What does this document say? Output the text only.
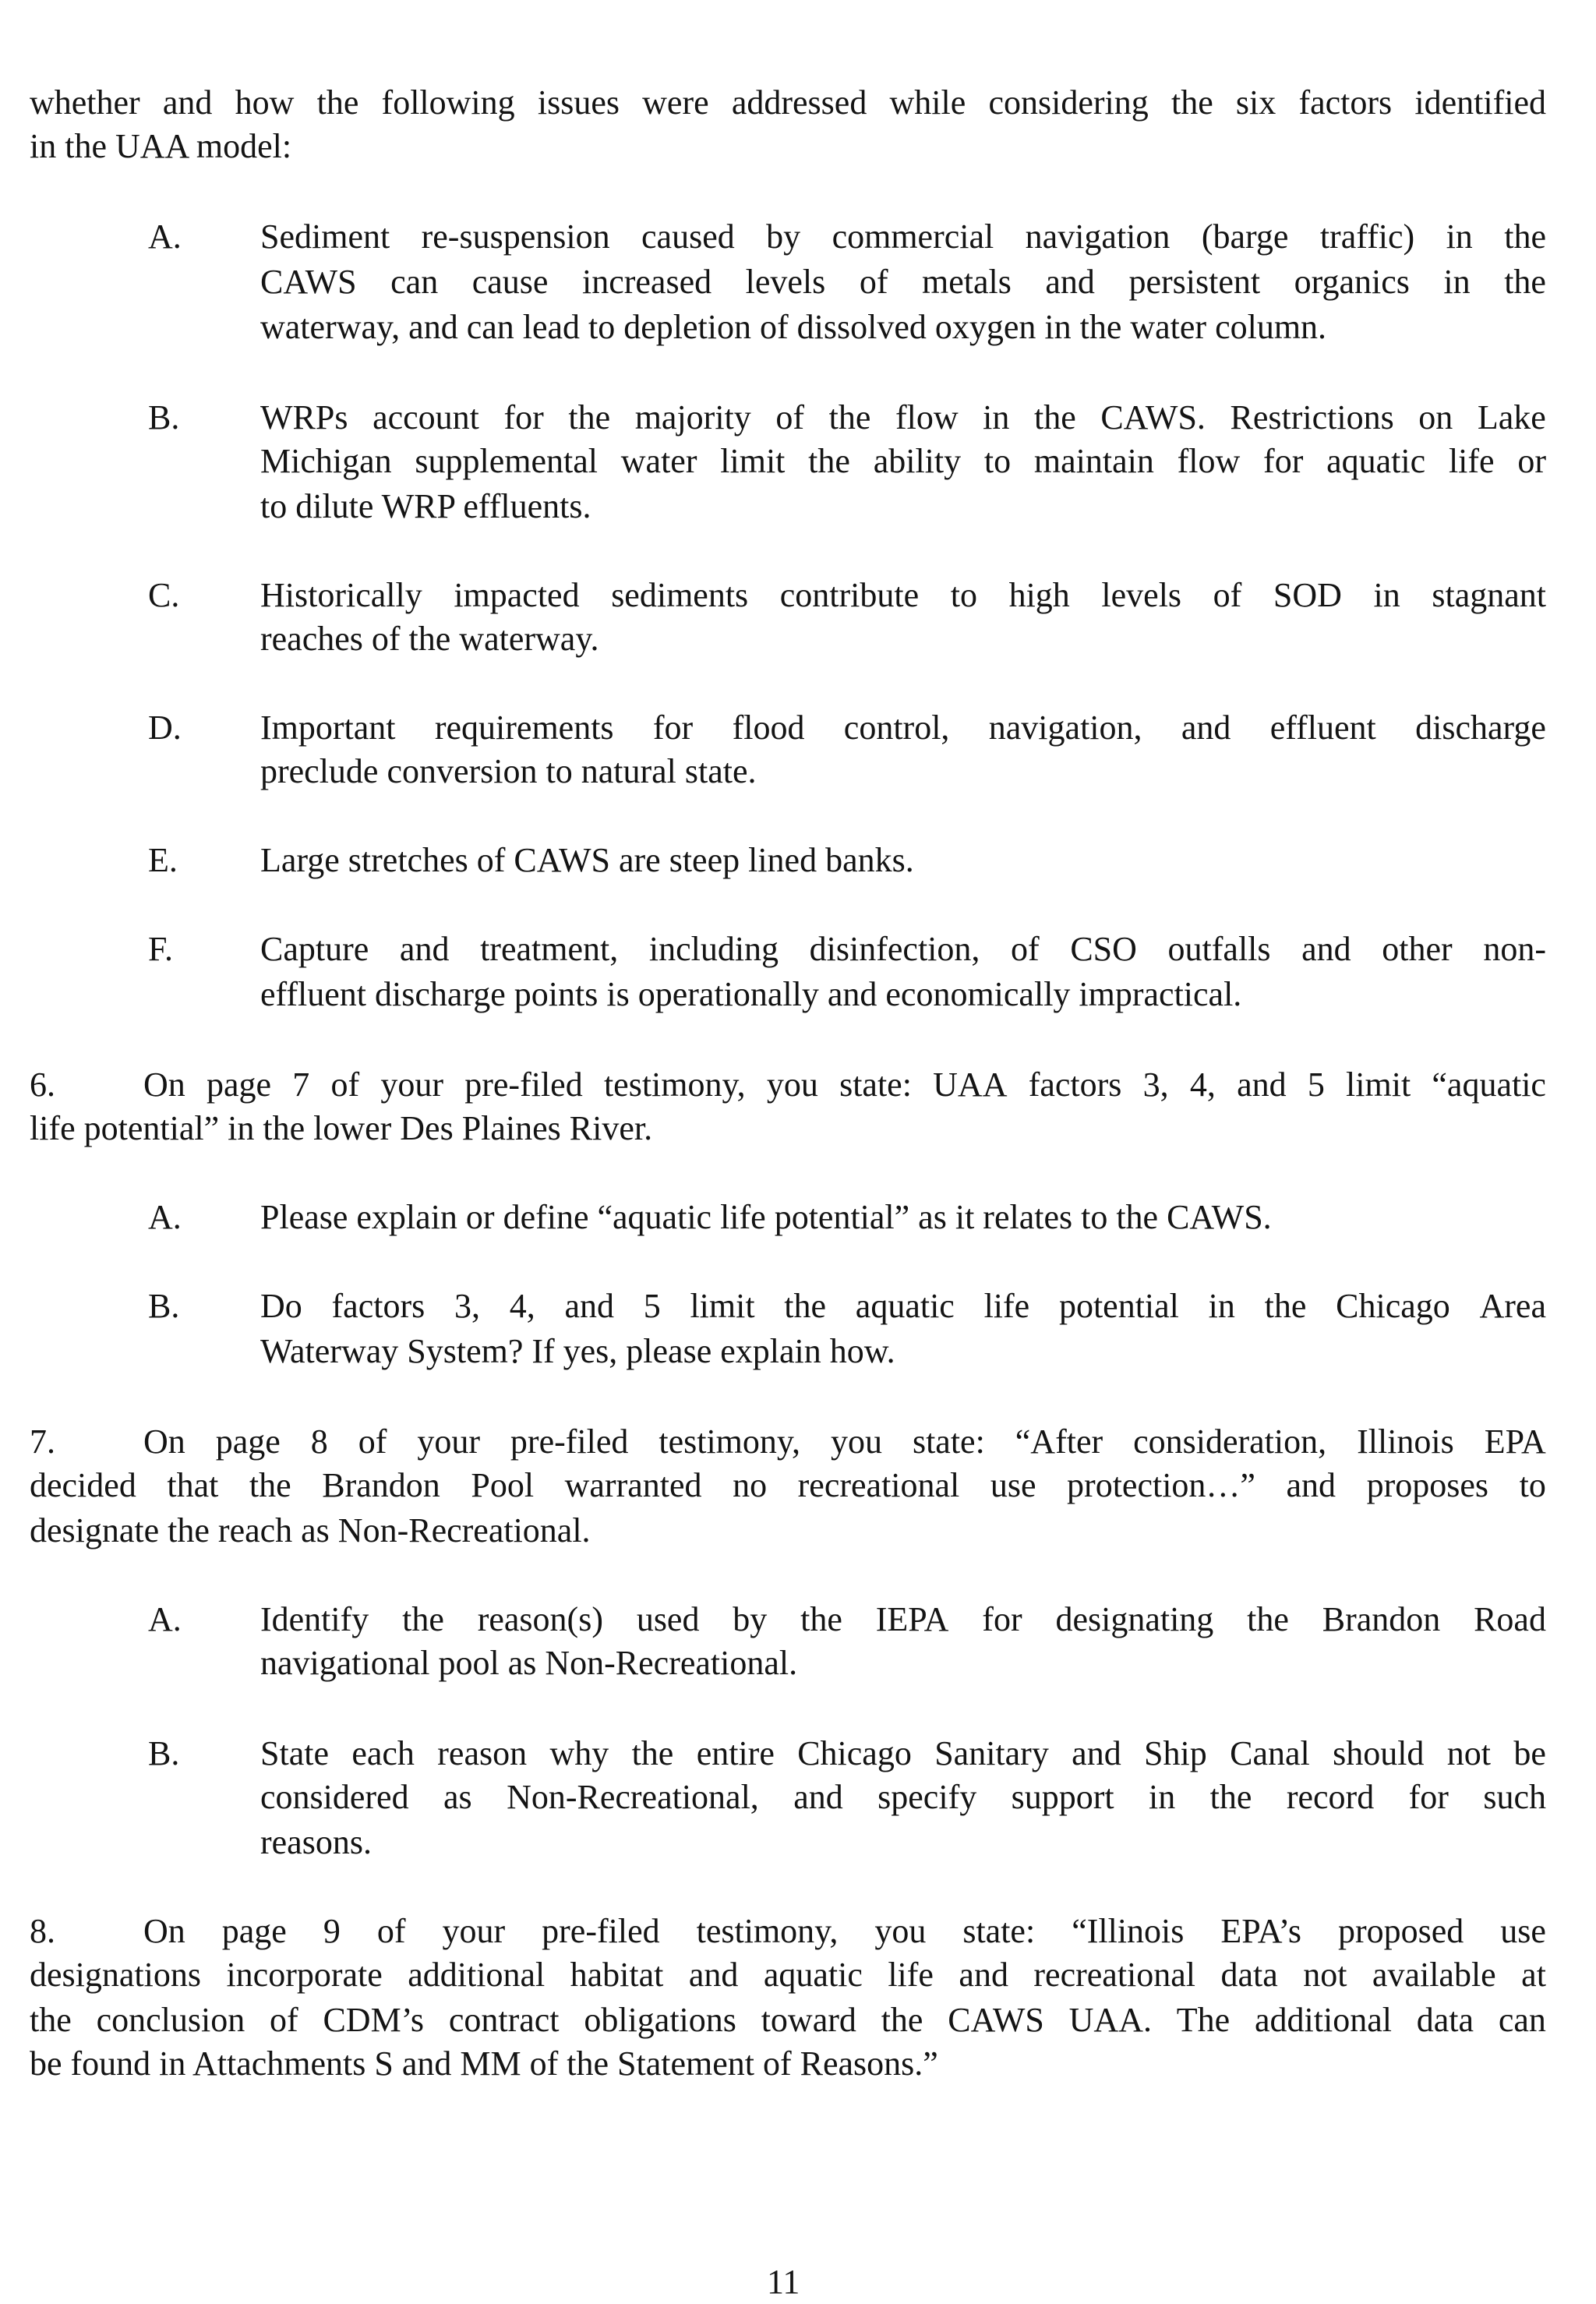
whether and how the following issues were addressed while considering the six factors identified
in the UAA model:
A. Sediment re-suspension caused by commercial navigation (barge traffic) in the
CAWS can cause increased levels of metals and persistent organics in the
waterway, and can lead to depletion of dissolved oxygen in the water column.
B. WRPs account for the majority of the flow in the CAWS. Restrictions on Lake
Michigan supplemental water limit the ability to maintain flow for aquatic life or
to dilute WRP effluents.
C. Historically impacted sediments contribute to high levels of SOD in stagnant
reaches of the waterway.
D. Important requirements for flood control, navigation, and effluent discharge
preclude conversion to natural state.
E. Large stretches of CAWS are steep lined banks.
F.	Capture and treatment, including disinfection, of CSO outfalls and other non-
effluent discharge points is operationally and economically impractical.
6.	On page 7 of your pre-filed testimony, you state: UAA factors 3, 4, and 5 limit “aquatic
life potential” in the lower Des Plaines River.
A. Please explain or define “aquatic life potential” as it relates to the CAWS.
B. Do factors 3, 4, and 5 limit the aquatic life potential in the Chicago Area
Waterway System? If yes, please explain how.
7.	On page 8 of your pre-filed testimony, you state: “After consideration, Illinois EPA
decided that the Brandon Pool warranted no recreational use protection…” and proposes to
designate the reach as Non-Recreational.
A. Identify the reason(s) used by the IEPA for designating the Brandon Road
navigational pool as Non-Recreational.
B. State each reason why the entire Chicago Sanitary and Ship Canal should not be
considered as Non-Recreational, and specify support in the record for such
reasons.
8.	On page 9 of your pre-filed testimony, you state: “Illinois EPA’s proposed use
designations incorporate additional habitat and aquatic life and recreational data not available at
the conclusion of CDM’s contract obligations toward the CAWS UAA. The additional data can
be found in Attachments S and MM of the Statement of Reasons.”
11
